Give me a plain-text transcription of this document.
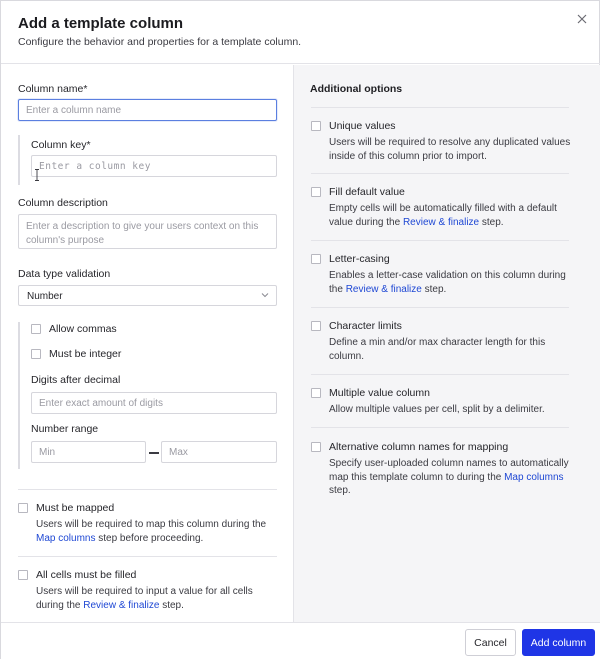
Add a template column
Configure the behavior and properties for a template column.
Column name*
Enter a column name
Column key*
Enter a column key
Column description
Enter a description to give your users context on this column's purpose
Data type validation
Number
Allow commas
Must be integer
Digits after decimal
Enter exact amount of digits
Number range
Min	Max
Must be mapped
Users will be required to map this column during the Map columns step before proceeding.
All cells must be filled
Users will be required to input a value for all cells during the Review & finalize step.
Additional options
Unique values
Users will be required to resolve any duplicated values inside of this column prior to import.
Fill default value
Empty cells will be automatically filled with a default value during the Review & finalize step.
Letter-casing
Enables a letter-case validation on this column during the Review & finalize step.
Character limits
Define a min and/or max character length for this column.
Multiple value column
Allow multiple values per cell, split by a delimiter.
Alternative column names for mapping
Specify user-uploaded column names to automatically map this template column to during the Map columns step.
Cancel	Add column
